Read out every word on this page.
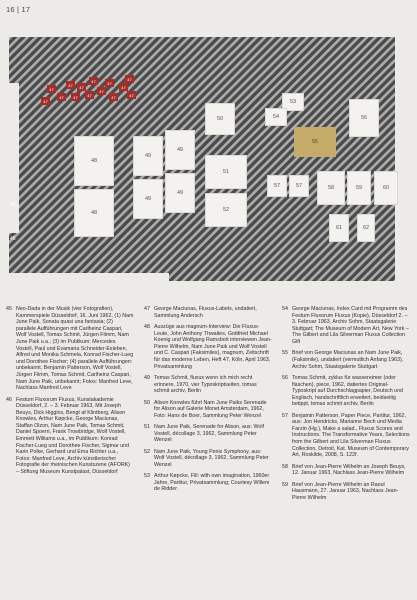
16 | 17
46
45
47
47
47
47
47
47
47
47
47
47
47
47
47
47
48
48
49
49
49
49
50
51
52
53
54
55
56
57	57	58	59	60
61	62
45 Neo-Dada in der Musik (vier Fotografien), Kammerspiele Düsseldorf, 16. Juni 1962, (1) Nam June Paik, Sonata quasi una fantasia; (2) parallele Aufführungen mit Carlheinz Caspari, Wolf Vostell, Tomas Schmit, Jürgen Flimm, Nam June Paik u.a.; (3) im Publikum: Mercedes Vostell, Paul und Evamaria Schneider-Esleben, Alfred und Monika Schmela, Konrad Fischer-Lueg und Dorothee Fischer; (4) parallele Aufführungen: unbekannt, Benjamin Patterson, Wolf Vostell, Jürgen Flimm, Tomas Schmit, Carlheinz Caspari, Nam June Paik, unbekannt; Fotos: Manfred Leve, Nachlass Manfred Leve
46 Festum Fluxorum Fluxus, Kunstakademie Düsseldorf, 2. – 3. Februar 1963, Mit Joseph Beuys, Dick Higgins, Bengt af Klintberg, Alison Knowles, Arthur Køpcke, George Maciunas, Staffan Olzon, Nam June Paik, Tomas Schmit, Daniel Spoerri, Frank Trowbridge, Wolf Vostell, Emmett Williams u.a., im Publikum: Konrad Fischer-Lueg und Dorothee Fischer, Sigmar und Karin Polke, Gerhard und Ema Richter u.a., Fotos: Manfred Leve, Archiv künstlerischer Fotografie der rheinischen Kunstszene (AFORK) – Stiftung Museum Kunstpalast, Düsseldorf
47 George Maciunas, Fluxus-Labels, undatiert, Sammlung Andersch
48 Auszüge aus magnum-Interview: Die Fluxus-Leute, John Anthony Thwaites, Gottfried Michael Koenig und Wolfgang Ramsbott interviewen Jean-Pierre Wilhelm, Nam June Paik und Wolf Vostell und C. Caspari (Faksimiles), magnum, Zeitschrift für das moderne Leben, Heft 47, Köln, April 1963, Privatsammlung
49 Tomas Schmit, fluxus wenn ich mich recht erinnere, 1970, vier Typoskriptseiten, tomas schmit archiv, Berlin
50 Alison Knowles führt Nam June Paiks Serenade for Alison auf Galerie Monet Amsterdam, 1962, Foto: Hans de Boer, Sammlung Peter Wenzel
51 Nam June Paik, Serenade for Alison, aus: Wolf Vostell, décollage 3, 1962, Sammlung Peter Wenzel
52 Nam June Paik, Young Penis Symphony, aus: Wolf Vostell, décollage 3, 1962, Sammlung Peter Wenzel
53 Arthur Køpcke, Fill: with own imagination, 1960er Jahre, Partitur, Privatsammlung; Courtesy Willem de Ridder
54 George Maciunas, Index Card mit Programm des Festum Fluxorum Fluxus (Kopie), Düsseldorf 2. – 3. Februar 1963, Archiv Sohm, Staatsgalerie Stuttgart; The Museum of Modern Art, New York – The Gilbert and Lila Silverman Fluxus Collection Gift
55 Brief von George Maciunas an Nam June Paik, (Faksimile), undatiert (vermutlich Anfang 1963), Archiv Sohm, Staatsgalerie Stuttgart
56 Tomas Schmit, zyklus für wassereimer (oder flaschen), piece, 1962, datiertes Original-Typoskript auf Durchschlagpapier, Deutsch und Englisch, handschriftlich erweitert, beidseitig betippt, tomas schmit archiv, Berlin
57 Benjamin Patterson, Paper Piece, Partitur, 1962, aus: Jon Hendricks, Marianne Bech und Media Farzin (Hg.), Make a salad., Fluxus Scores and Instructions. The Transformative Years, Selections from the Gilbert and Lila Silverman Fluxus Collection, Detroit, Kat. Museum of Contemporary Art, Roskilde, 2008, S. 122f.
58 Brief von Jean-Pierre Wilhelm an Joseph Beuys, 12. Januar 1963, Nachlass Jean-Pierre Wilhelm
59 Brief von Jean-Pierre Wilhelm an Raoul Hausmann, 27. Januar 1963, Nachlass Jean-Pierre Wilhelm
